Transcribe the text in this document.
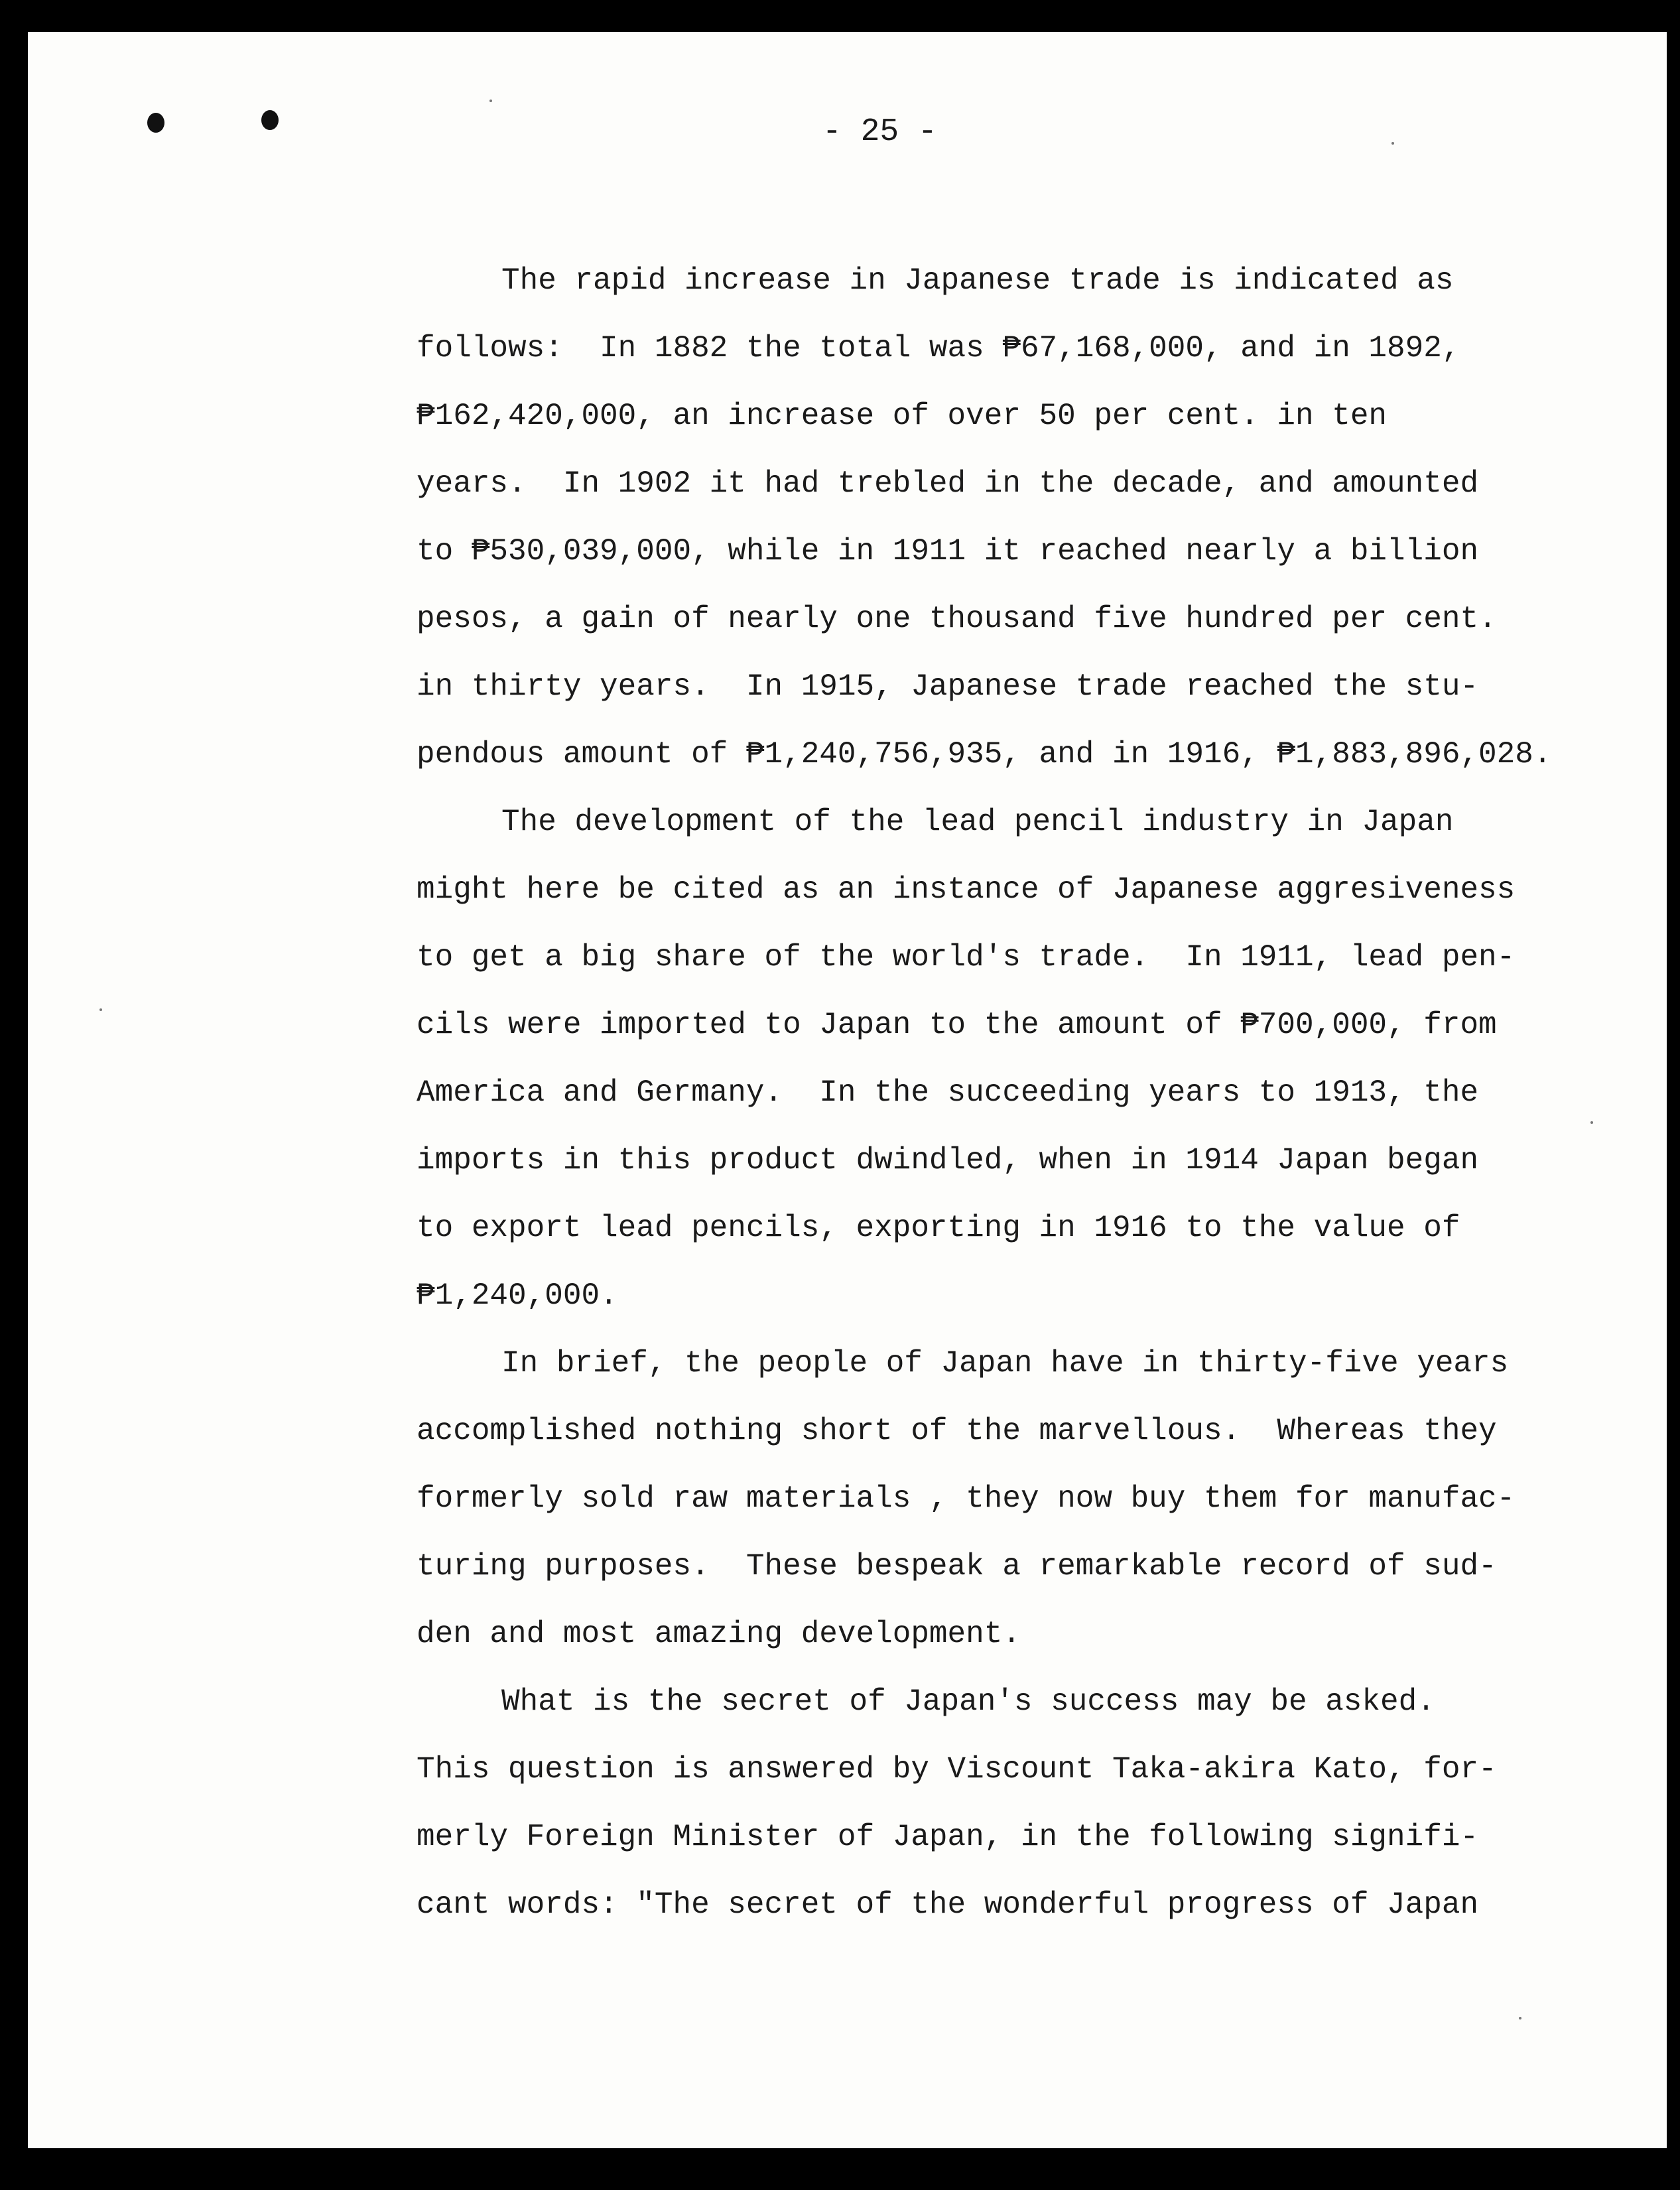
- 25 -
The rapid increase in Japanese trade is indicated as
follows:  In 1882 the total was ₱67,168,000, and in 1892,
₱162,420,000, an increase of over 50 per cent. in ten
years.  In 1902 it had trebled in the decade, and amounted
to ₱530,039,000, while in 1911 it reached nearly a billion
pesos, a gain of nearly one thousand five hundred per cent.
in thirty years.  In 1915, Japanese trade reached the stu-
pendous amount of ₱1,240,756,935, and in 1916, ₱1,883,896,028.
The development of the lead pencil industry in Japan
might here be cited as an instance of Japanese aggresiveness
to get a big share of the world's trade.  In 1911, lead pen-
cils were imported to Japan to the amount of ₱700,000, from
America and Germany.  In the succeeding years to 1913, the
imports in this product dwindled, when in 1914 Japan began
to export lead pencils, exporting in 1916 to the value of
₱1,240,000.
In brief, the people of Japan have in thirty-five years
accomplished nothing short of the marvellous.  Whereas they
formerly sold raw materials , they now buy them for manufac-
turing purposes.  These bespeak a remarkable record of sud-
den and most amazing development.
What is the secret of Japan's success may be asked.
This question is answered by Viscount Taka-akira Kato, for-
merly Foreign Minister of Japan, in the following signifi-
cant words: "The secret of the wonderful progress of Japan
